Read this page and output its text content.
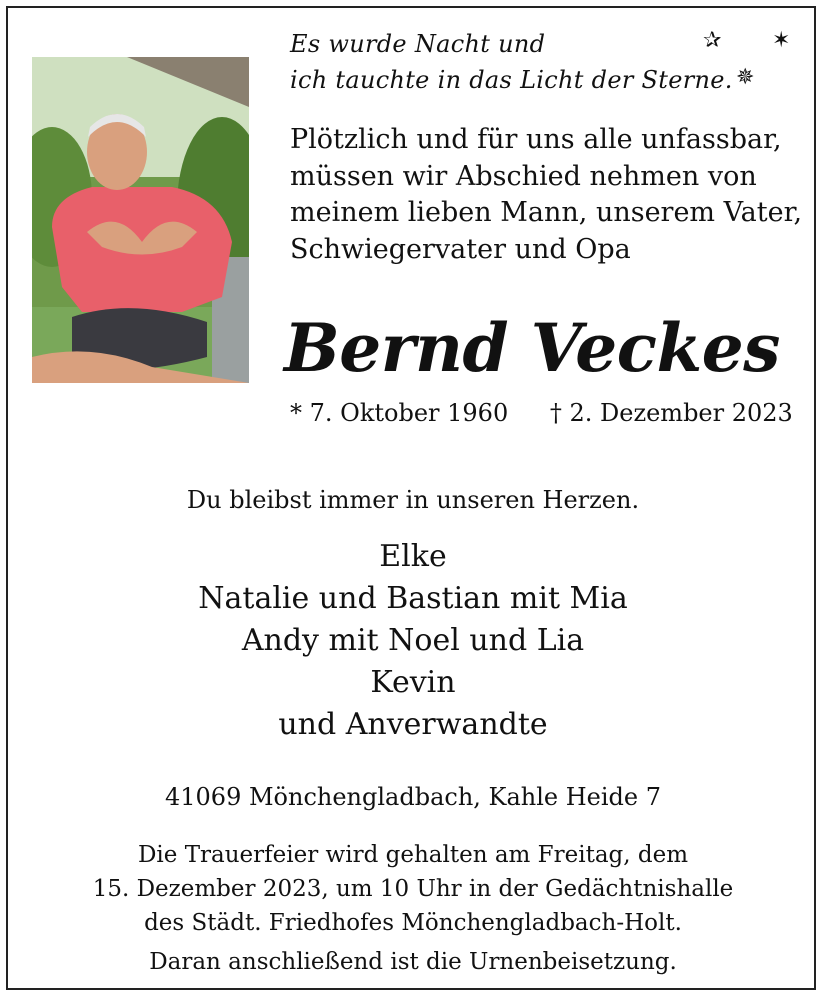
Es wurde Nacht und
ich tauchte in das Licht der Sterne.
✰ ✶
✵
Plötzlich und für uns alle unfassbar,
müssen wir Abschied nehmen von
meinem lieben Mann, unserem Vater,
Schwiegervater und Opa
Bernd Veckes
* 7. Oktober 1960 † 2. Dezember 2023
Du bleibst immer in unseren Herzen.
Elke
Natalie und Bastian mit Mia
Andy mit Noel und Lia
Kevin
und Anverwandte
41069 Mönchengladbach, Kahle Heide 7
Die Trauerfeier wird gehalten am Freitag, dem
15. Dezember 2023, um 10 Uhr in der Gedächtnishalle
des Städt. Friedhofes Mönchengladbach-Holt.
Daran anschließend ist die Urnenbeisetzung.
